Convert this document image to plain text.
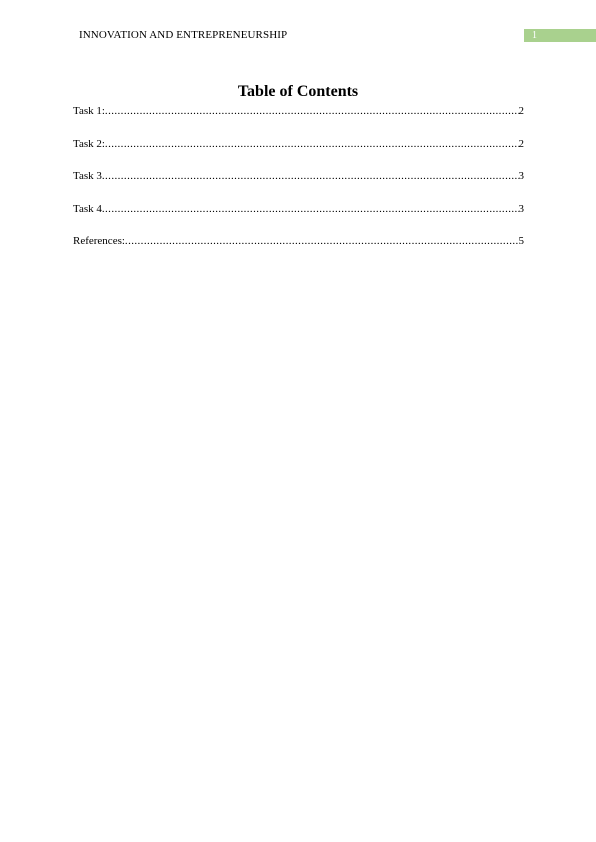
INNOVATION AND ENTREPRENEURSHIP	1
Table of Contents
Task 1: .....	2
Task 2: .....	2
Task 3 .....	3
Task 4 .....	3
References: .....	5
